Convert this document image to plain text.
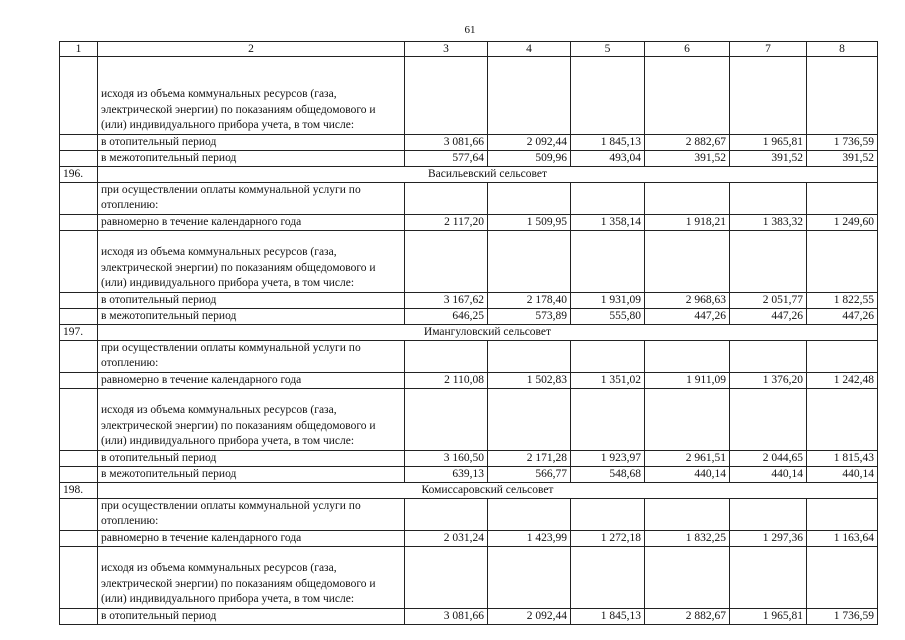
61
1	2	3	4	5	6	7	8
	исходя из объема коммунальных ресурсов (газа, электрической энергии) по показаниям общедомового и (или) индивидуального прибора учета, в том числе:						
	в отопительный период	3 081,66	2 092,44	1 845,13	2 882,67	1 965,81	1 736,59
	в межотопительный период	577,64	509,96	493,04	391,52	391,52	391,52
196.	Васильевский сельсовет						
	при осуществлении оплаты коммунальной услуги по отоплению:						
	равномерно в течение календарного года	2 117,20	1 509,95	1 358,14	1 918,21	1 383,32	1 249,60
	исходя из объема коммунальных ресурсов (газа, электрической энергии) по показаниям общедомового и (или) индивидуального прибора учета, в том числе:						
	в отопительный период	3 167,62	2 178,40	1 931,09	2 968,63	2 051,77	1 822,55
	в межотопительный период	646,25	573,89	555,80	447,26	447,26	447,26
197.	Имангуловский сельсовет						
	при осуществлении оплаты коммунальной услуги по отоплению:						
	равномерно в течение календарного года	2 110,08	1 502,83	1 351,02	1 911,09	1 376,20	1 242,48
	исходя из объема коммунальных ресурсов (газа, электрической энергии) по показаниям общедомового и (или) индивидуального прибора учета, в том числе:						
	в отопительный период	3 160,50	2 171,28	1 923,97	2 961,51	2 044,65	1 815,43
	в межотопительный период	639,13	566,77	548,68	440,14	440,14	440,14
198.	Комиссаровский сельсовет						
	при осуществлении оплаты коммунальной услуги по отоплению:						
	равномерно в течение календарного года	2 031,24	1 423,99	1 272,18	1 832,25	1 297,36	1 163,64
	исходя из объема коммунальных ресурсов (газа, электрической энергии) по показаниям общедомового и (или) индивидуального прибора учета, в том числе:						
	в отопительный период	3 081,66	2 092,44	1 845,13	2 882,67	1 965,81	1 736,59
